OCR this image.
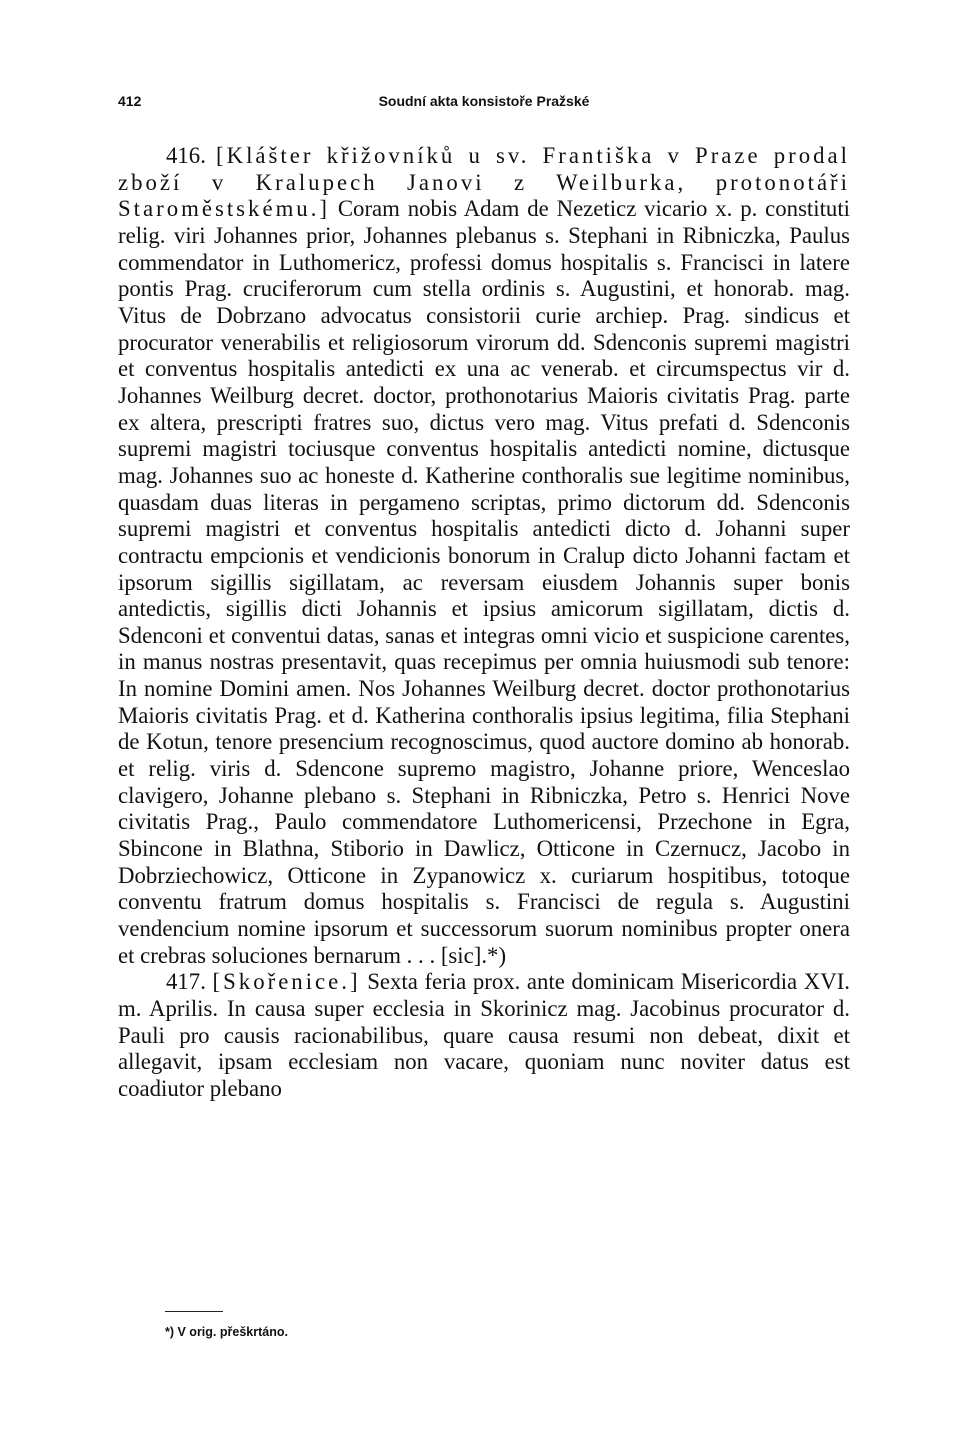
412	Soudní akta konsistoře Pražské

416. [Klášter křižovníků u sv. Františka v Praze prodal zboží v Kralupech Janovi z Weilburka, protonotáři Staroměstskému.] Coram nobis Adam de Nezeticz vicario x. p. constituti relig. viri Johannes prior, Johannes plebanus s. Stephani in Ribniczka, Paulus commendator in Luthomericz, professi domus hospitalis s. Francisci in latere pontis Prag. cruciferorum cum stella ordinis s. Augustini, et honorab. mag. Vitus de Dobrzano advocatus consistorii curie archiep. Prag. sindicus et procurator venerabilis et religiosorum virorum dd. Sdenconis supremi magistri et conventus hospitalis antedicti ex una ac venerab. et circumspectus vir d. Johannes Weilburg decret. doctor, prothonotarius Maioris civitatis Prag. parte ex altera, prescripti fratres suo, dictus vero mag. Vitus prefati d. Sdenconis supremi magistri tociusque conventus hospitalis antedicti nomine, dictusque mag. Johannes suo ac honeste d. Katherine conthoralis sue legitime nominibus, quasdam duas literas in pergameno scriptas, primo dictorum dd. Sdenconis supremi magistri et conventus hospitalis antedicti dicto d. Johanni super contractu empcionis et vendicionis bonorum in Cralup dicto Johanni factam et ipsorum sigillis sigillatam, ac reversam eiusdem Johannis super bonis antedictis, sigillis dicti Johannis et ipsius amicorum sigillatam, dictis d. Sdenconi et conventui datas, sanas et integras omni vicio et suspicione carentes, in manus nostras presentavit, quas recepimus per omnia huiusmodi sub tenore: In nomine Domini amen. Nos Johannes Weilburg decret. doctor prothonotarius Maioris civitatis Prag. et d. Katherina conthoralis ipsius legitima, filia Stephani de Kotun, tenore presencium recognoscimus, quod auctore domino ab honorab. et relig. viris d. Sdencone supremo magistro, Johanne priore, Wenceslao clavigero, Johanne plebano s. Stephani in Ribniczka, Petro s. Henrici Nove civitatis Prag., Paulo commendatore Luthomericensi, Przechone in Egra, Sbincone in Blathna, Stiborio in Dawlicz, Otticone in Czernucz, Jacobo in Dobrziechowicz, Otticone in Zypanowicz x. curiarum hospitibus, totoque conventu fratrum domus hospitalis s. Francisci de regula s. Augustini vendencium nomine ipsorum et successorum suorum nominibus propter onera et crebras soluciones bernarum . . . [sic].*)

417. [Skořenice.] Sexta feria prox. ante dominicam Misericordia XVI. m. Aprilis. In causa super ecclesia in Skorinicz mag. Jacobinus procurator d. Pauli pro causis racionabilibus, quare causa resumi non debeat, dixit et allegavit, ipsam ecclesiam non vacare, quoniam nunc noviter datus est coadiutor plebano

*) V orig. přeškrtáno.
